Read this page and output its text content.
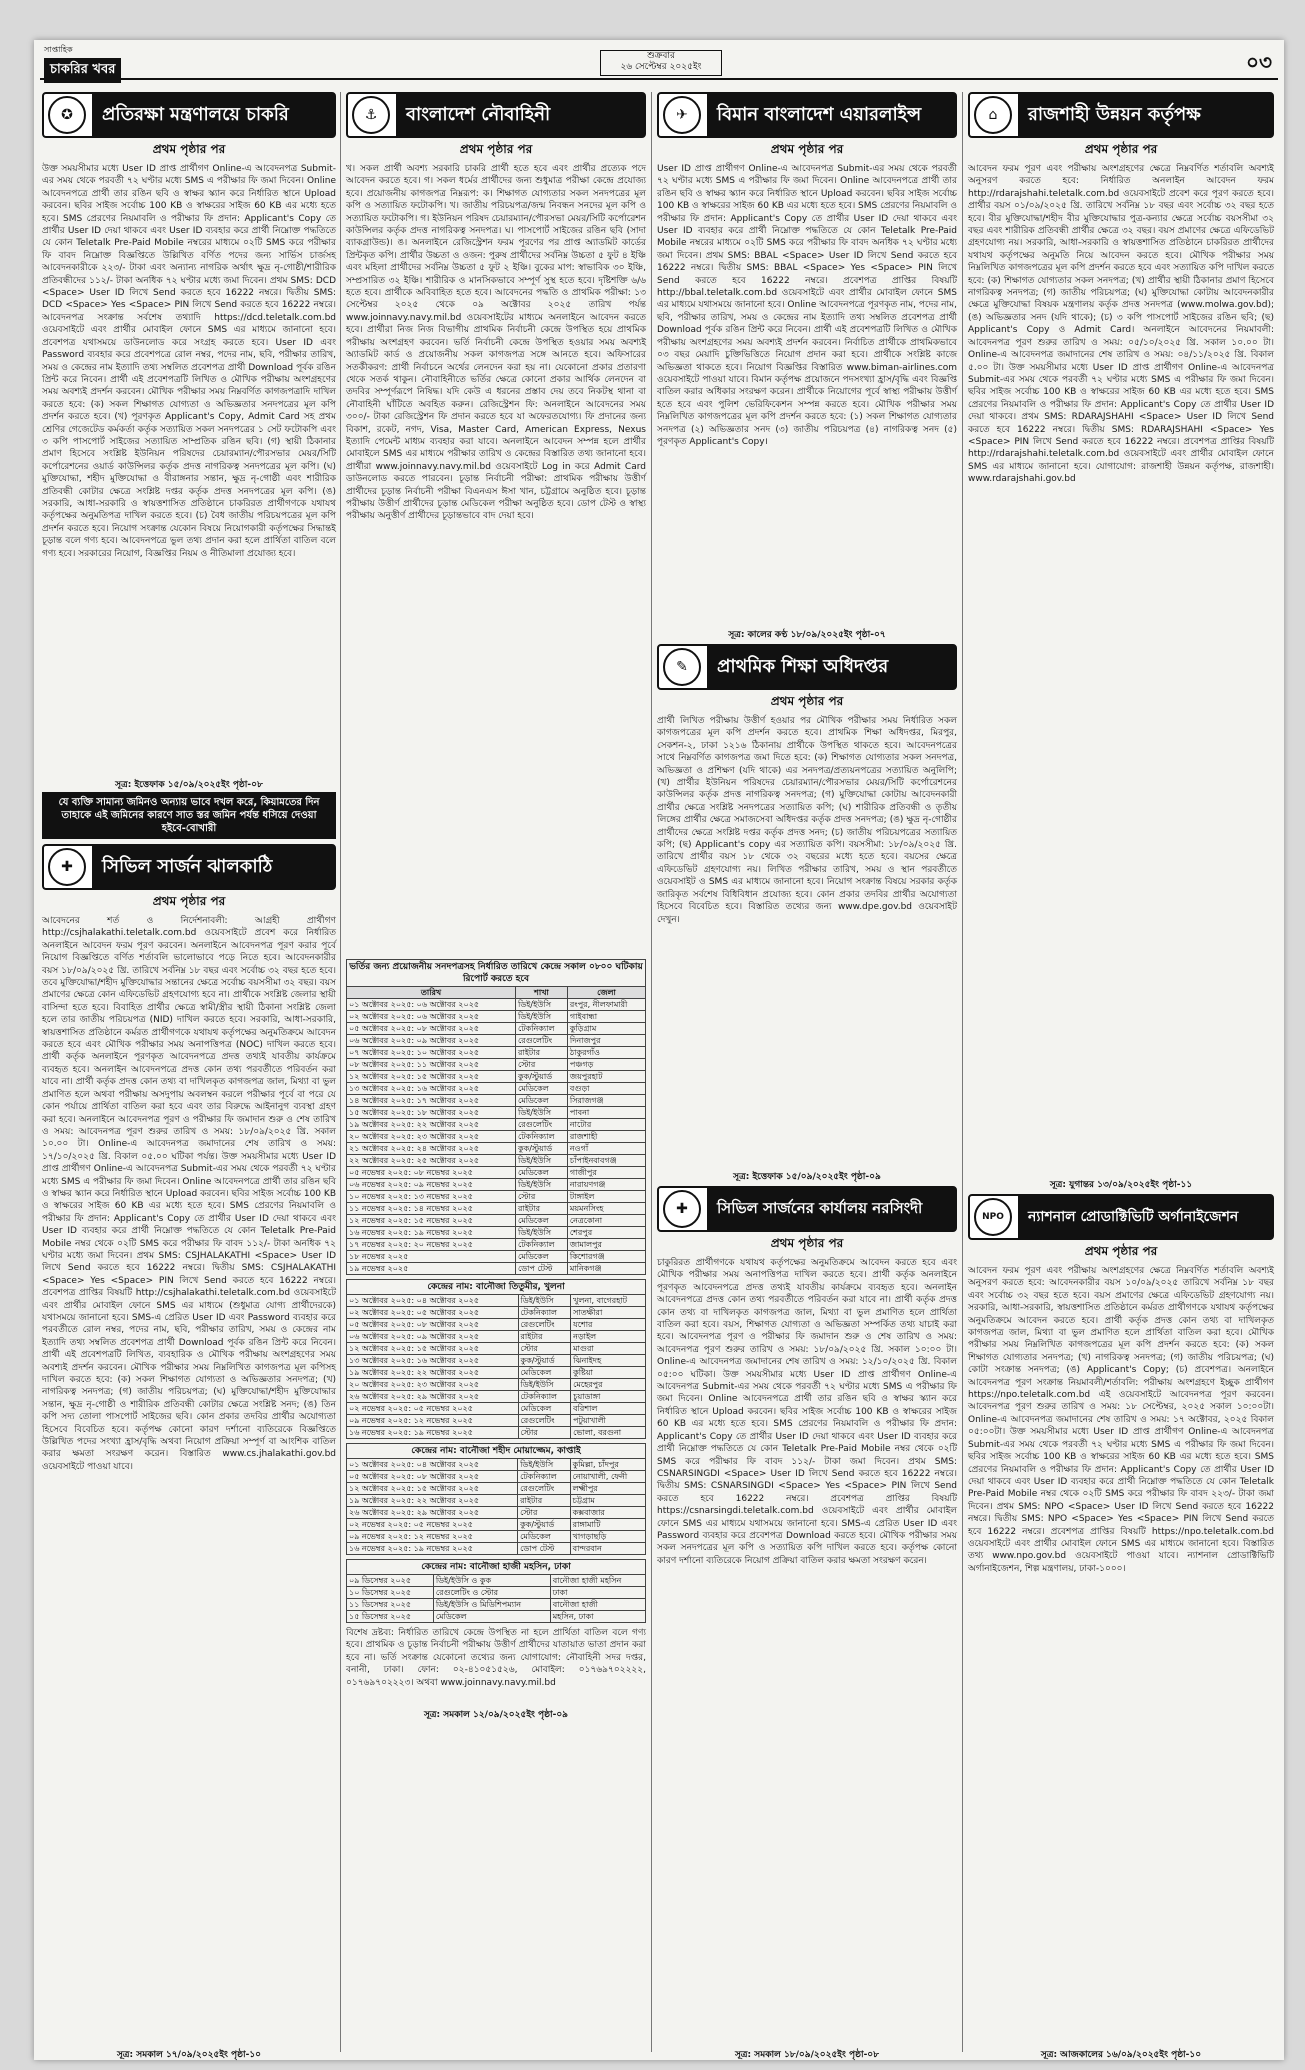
সাপ্তাহিক
চাকরির খবর
শুক্রবার
২৬ সেপ্টেম্বর ২০২৫ইং	০৩
✪	প্রতিরক্ষা মন্ত্রণালয়ে চাকরি
প্রথম পৃষ্ঠার পর
উক্ত সময়সীমার মধ্যে User ID প্রাপ্ত প্রার্থীগণ Online-এ আবেদনপত্র Submit-এর সময় থেকে পরবর্তী ৭২ ঘণ্টার মধ্যে SMS এ পরীক্ষার ফি জমা দিবেন। Online আবেদনপত্রে প্রার্থী তার রঙিন ছবি ও স্বাক্ষর স্ক্যান করে নির্ধারিত স্থানে Upload করবেন। ছবির সাইজ সর্বোচ্চ 100 KB ও স্বাক্ষরের সাইজ 60 KB এর মধ্যে হতে হবে। SMS প্রেরণের নিয়মাবলি ও পরীক্ষার ফি প্রদান: Applicant's Copy তে প্রার্থীর User ID দেয়া থাকবে এবং User ID ব্যবহার করে প্রার্থী নিম্নোক্ত পদ্ধতিতে যে কোন Teletalk Pre-Paid Mobile নম্বরের মাধ্যমে ০২টি SMS করে পরীক্ষার ফি বাবদ নিম্নোক্ত বিজ্ঞপ্তিতে উল্লিখিত বর্ণিত পদের জন্য সার্ভিস চার্জসহ আবেদনকারীকে ২২৩/- টাকা এবং অন্যান্য নাগরিক অর্থাৎ ক্ষুদ্র নৃ-গোষ্ঠী/শারীরিক প্রতিবন্ধীদের ১১২/- টাকা অনধিক ৭২ ঘণ্টার মধ্যে জমা দিবেন। প্রথম SMS: DCD <Space> User ID লিখে Send করতে হবে 16222 নম্বরে। দ্বিতীয় SMS: DCD <Space> Yes <Space> PIN লিখে Send করতে হবে 16222 নম্বরে। আবেদনপত্র সংক্রান্ত সর্বশেষ তথ্যাদি https://dcd.teletalk.com.bd ওয়েবসাইটে এবং প্রার্থীর মোবাইল ফোনে SMS এর মাধ্যমে জানানো হবে। প্রবেশপত্র যথাসময়ে ডাউনলোড করে সংগ্রহ করতে হবে। User ID এবং Password ব্যবহার করে প্রবেশপত্রে রোল নম্বর, পদের নাম, ছবি, পরীক্ষার তারিখ, সময় ও কেন্দ্রের নাম ইত্যাদি তথ্য সম্বলিত প্রবেশপত্র প্রার্থী Download পূর্বক রঙিন প্রিন্ট করে নিবেন। প্রার্থী এই প্রবেশপত্রটি লিখিত ও মৌখিক পরীক্ষায় অংশগ্রহণের সময় অবশ্যই প্রদর্শন করবেন। মৌখিক পরীক্ষার সময় নিম্নবর্ণিত কাগজপত্রাদি দাখিল করতে হবে: (ক) সকল শিক্ষাগত যোগ্যতা ও অভিজ্ঞতার সনদপত্রের মূল কপি প্রদর্শন করতে হবে। (খ) পূরণকৃত Applicant's Copy, Admit Card সহ প্রথম শ্রেণির গেজেটেড কর্মকর্তা কর্তৃক সত্যায়িত সকল সনদপত্রের ১ সেট ফটোকপি এবং ৩ কপি পাসপোর্ট সাইজের সত্যায়িত সাম্প্রতিক রঙিন ছবি। (গ) স্থায়ী ঠিকানার প্রমাণ হিসেবে সংশ্লিষ্ট ইউনিয়ন পরিষদের চেয়ারম্যান/পৌরসভার মেয়র/সিটি কর্পোরেশনের ওয়ার্ড কাউন্সিলর কর্তৃক প্রদত্ত নাগরিকত্ব সনদপত্রের মূল কপি। (ঘ) মুক্তিযোদ্ধা, শহীদ মুক্তিযোদ্ধা ও বীরাঙ্গনার সন্তান, ক্ষুদ্র নৃ-গোষ্ঠী এবং শারীরিক প্রতিবন্ধী কোটার ক্ষেত্রে সংশ্লিষ্ট দপ্তর কর্তৃক প্রদত্ত সনদপত্রের মূল কপি। (ঙ) সরকারি, আধা-সরকারি ও স্বায়ত্তশাসিত প্রতিষ্ঠানে চাকরিরত প্রার্থীগণকে যথাযথ কর্তৃপক্ষের অনুমতিপত্র দাখিল করতে হবে। (চ) বৈধ জাতীয় পরিচয়পত্রের মূল কপি প্রদর্শন করতে হবে। নিয়োগ সংক্রান্ত যেকোন বিষয়ে নিয়োগকারী কর্তৃপক্ষের সিদ্ধান্তই চূড়ান্ত বলে গণ্য হবে। আবেদনপত্রে ভুল তথ্য প্রদান করা হলে প্রার্থিতা বাতিল বলে গণ্য হবে। সরকারের নিয়োগ, বিজ্ঞপ্তির নিয়ম ও নীতিমালা প্রযোজ্য হবে।
সূত্র: ইত্তেফাক ১৫/০৯/২০২৫ইং পৃষ্ঠা-০৮
যে ব্যক্তি সামান্য জমিনও অন্যায় ভাবে দখল করে, কিয়ামতের দিন তাহাকে এই জমিনের কারণে সাত স্তর জমিন পর্যন্ত ধসিয়ে দেওয়া হইবে-বোখারী
✚	সিভিল সার্জন ঝালকাঠি
প্রথম পৃষ্ঠার পর
আবেদনের শর্ত ও নির্দেশনাবলী: আগ্রহী প্রার্থীগণ http://csjhalakathi.teletalk.com.bd ওয়েবসাইটে প্রবেশ করে নির্ধারিত অনলাইনে আবেদন ফরম পূরণ করবেন। অনলাইনে আবেদনপত্র পূরণ করার পূর্বে নিয়োগ বিজ্ঞপ্তিতে বর্ণিত শর্তাবলি ভালোভাবে পড়ে নিতে হবে। আবেদনকারীর বয়স ১৮/০৯/২০২৫ খ্রি. তারিখে সর্বনিম্ন ১৮ বছর এবং সর্বোচ্চ ৩২ বছর হতে হবে। তবে মুক্তিযোদ্ধা/শহীদ মুক্তিযোদ্ধার সন্তানের ক্ষেত্রে সর্বোচ্চ বয়সসীমা ৩২ বছর। বয়স প্রমাণের ক্ষেত্রে কোন এফিডেভিট গ্রহণযোগ্য হবে না। প্রার্থীকে সংশ্লিষ্ট জেলার স্থায়ী বাসিন্দা হতে হবে। বিবাহিত প্রার্থীর ক্ষেত্রে স্বামী/স্ত্রীর স্থায়ী ঠিকানা সংশ্লিষ্ট জেলা হলে তার জাতীয় পরিচয়পত্র (NID) দাখিল করতে হবে। সরকারি, আধা-সরকারি, স্বায়ত্তশাসিত প্রতিষ্ঠানে কর্মরত প্রার্থীগণকে যথাযথ কর্তৃপক্ষের অনুমতিক্রমে আবেদন করতে হবে এবং মৌখিক পরীক্ষার সময় অনাপত্তিপত্র (NOC) দাখিল করতে হবে। প্রার্থী কর্তৃক অনলাইনে পূরণকৃত আবেদনপত্রে প্রদত্ত তথ্যই যাবতীয় কার্যক্রমে ব্যবহৃত হবে। অনলাইন আবেদনপত্রে প্রদত্ত কোন তথ্য পরবর্তীতে পরিবর্তন করা যাবে না। প্রার্থী কর্তৃক প্রদত্ত কোন তথ্য বা দাখিলকৃত কাগজপত্র জাল, মিথ্যা বা ভুল প্রমাণিত হলে অথবা পরীক্ষায় অসদুপায় অবলম্বন করলে পরীক্ষার পূর্বে বা পরে যে কোন পর্যায়ে প্রার্থিতা বাতিল করা হবে এবং তার বিরুদ্ধে আইনানুগ ব্যবস্থা গ্রহণ করা হবে। অনলাইনে আবেদনপত্র পূরণ ও পরীক্ষার ফি জমাদান শুরু ও শেষ তারিখ ও সময়: আবেদনপত্র পূরণ শুরুর তারিখ ও সময়: ১৮/০৯/২০২৫ খ্রি. সকাল ১০.০০ টা। Online-এ আবেদনপত্র জমাদানের শেষ তারিখ ও সময়: ১৭/১০/২০২৫ খ্রি. বিকাল ০৫.০০ ঘটিকা পর্যন্ত। উক্ত সময়সীমার মধ্যে User ID প্রাপ্ত প্রার্থীগণ Online-এ আবেদনপত্র Submit-এর সময় থেকে পরবর্তী ৭২ ঘণ্টার মধ্যে SMS এ পরীক্ষার ফি জমা দিবেন। Online আবেদনপত্রে প্রার্থী তার রঙিন ছবি ও স্বাক্ষর স্ক্যান করে নির্ধারিত স্থানে Upload করবেন। ছবির সাইজ সর্বোচ্চ 100 KB ও স্বাক্ষরের সাইজ 60 KB এর মধ্যে হতে হবে। SMS প্রেরণের নিয়মাবলি ও পরীক্ষার ফি প্রদান: Applicant's Copy তে প্রার্থীর User ID দেয়া থাকবে এবং User ID ব্যবহার করে প্রার্থী নিম্নোক্ত পদ্ধতিতে যে কোন Teletalk Pre-Paid Mobile নম্বর থেকে ০২টি SMS করে পরীক্ষার ফি বাবদ ১১২/- টাকা অনধিক ৭২ ঘণ্টার মধ্যে জমা দিবেন। প্রথম SMS: CSJHALAKATHI <Space> User ID লিখে Send করতে হবে 16222 নম্বরে। দ্বিতীয় SMS: CSJHALAKATHI <Space> Yes <Space> PIN লিখে Send করতে হবে 16222 নম্বরে। প্রবেশপত্র প্রাপ্তির বিষয়টি http://csjhalakathi.teletalk.com.bd ওয়েবসাইটে এবং প্রার্থীর মোবাইল ফোনে SMS এর মাধ্যমে (শুধুমাত্র যোগ্য প্রার্থীদেরকে) যথাসময়ে জানানো হবে। SMS-এ প্রেরিত User ID এবং Password ব্যবহার করে পরবর্তীতে রোল নম্বর, পদের নাম, ছবি, পরীক্ষার তারিখ, সময় ও কেন্দ্রের নাম ইত্যাদি তথ্য সম্বলিত প্রবেশপত্র প্রার্থী Download পূর্বক রঙিন প্রিন্ট করে নিবেন। প্রার্থী এই প্রবেশপত্রটি লিখিত, ব্যবহারিক ও মৌখিক পরীক্ষায় অংশগ্রহণের সময় অবশ্যই প্রদর্শন করবেন। মৌখিক পরীক্ষার সময় নিম্নলিখিত কাগজপত্র মূল কপিসহ দাখিল করতে হবে: (ক) সকল শিক্ষাগত যোগ্যতা ও অভিজ্ঞতার সনদপত্র; (খ) নাগরিকত্ব সনদপত্র; (গ) জাতীয় পরিচয়পত্র; (ঘ) মুক্তিযোদ্ধা/শহীদ মুক্তিযোদ্ধার সন্তান, ক্ষুদ্র নৃ-গোষ্ঠী ও শারীরিক প্রতিবন্ধী কোটার ক্ষেত্রে সংশ্লিষ্ট সনদ; (ঙ) তিন কপি সদ্য তোলা পাসপোর্ট সাইজের ছবি। কোন প্রকার তদবির প্রার্থীর অযোগ্যতা হিসেবে বিবেচিত হবে। কর্তৃপক্ষ কোনো কারণ দর্শানো ব্যতিরেকে বিজ্ঞপ্তিতে উল্লিখিত পদের সংখ্যা হ্রাস/বৃদ্ধি অথবা নিয়োগ প্রক্রিয়া সম্পূর্ণ বা আংশিক বাতিল করার ক্ষমতা সংরক্ষণ করেন। বিস্তারিত www.cs.jhalakathi.gov.bd ওয়েবসাইটে পাওয়া যাবে।
সূত্র: সমকাল ১৭/০৯/২০২৫ইং পৃষ্ঠা-১০
⚓	বাংলাদেশ নৌবাহিনী
প্রথম পৃষ্ঠার পর
খ। সকল প্রার্থী অবশ্য সরকারি চাকরি প্রার্থী হতে হবে এবং প্রার্থীর প্রত্যেক পদে আবেদন করতে হবে। গ। সকল ধর্মের প্রার্থীদের জন্য শুধুমাত্র পরীক্ষা কেন্দ্রে প্রযোজ্য হবে। প্রয়োজনীয় কাগজপত্র নিম্নরূপ: ক। শিক্ষাগত যোগ্যতার সকল সনদপত্রের মূল কপি ও সত্যায়িত ফটোকপি। খ। জাতীয় পরিচয়পত্র/জন্ম নিবন্ধন সনদের মূল কপি ও সত্যায়িত ফটোকপি। গ। ইউনিয়ন পরিষদ চেয়ারম্যান/পৌরসভা মেয়র/সিটি কর্পোরেশন কাউন্সিলর কর্তৃক প্রদত্ত নাগরিকত্ব সনদপত্র। ঘ। পাসপোর্ট সাইজের রঙিন ছবি (সাদা ব্যাকগ্রাউন্ড)। ঙ। অনলাইনে রেজিস্ট্রেশন ফরম পূরণের পর প্রাপ্ত অ্যাডমিট কার্ডের প্রিন্টকৃত কপি। প্রার্থীর উচ্চতা ও ওজন: পুরুষ প্রার্থীদের সর্বনিম্ন উচ্চতা ৫ ফুট ৪ ইঞ্চি এবং মহিলা প্রার্থীদের সর্বনিম্ন উচ্চতা ৫ ফুট ২ ইঞ্চি। বুকের মাপ: স্বাভাবিক ৩০ ইঞ্চি, সম্প্রসারিত ৩২ ইঞ্চি। শারীরিক ও মানসিকভাবে সম্পূর্ণ সুস্থ হতে হবে। দৃষ্টিশক্তি ৬/৬ হতে হবে। প্রার্থীকে অবিবাহিত হতে হবে। আবেদনের পদ্ধতি ও প্রাথমিক পরীক্ষা: ১৩ সেপ্টেম্বর ২০২৫ থেকে ০৯ অক্টোবর ২০২৫ তারিখ পর্যন্ত www.joinnavy.navy.mil.bd ওয়েবসাইটের মাধ্যমে অনলাইনে আবেদন করতে হবে। প্রার্থীরা নিজ নিজ বিভাগীয় প্রাথমিক নির্বাচনী কেন্দ্রে উপস্থিত হয়ে প্রাথমিক পরীক্ষায় অংশগ্রহণ করবেন। ভর্তি নির্বাচনী কেন্দ্রে উপস্থিত হওয়ার সময় অবশ্যই অ্যাডমিট কার্ড ও প্রয়োজনীয় সকল কাগজপত্র সঙ্গে আনতে হবে। অফিসারের সতর্কীকরণ: প্রার্থী নির্বাচনে অর্থের লেনদেন করা হয় না। যেকোনো প্রকার প্রতারণা থেকে সতর্ক থাকুন। নৌবাহিনীতে ভর্তির ক্ষেত্রে কোনো প্রকার আর্থিক লেনদেন বা তদবির সম্পূর্ণরূপে নিষিদ্ধ। যদি কেউ এ ধরনের প্রস্তাব দেয় তবে নিকটস্থ থানা বা নৌবাহিনী ঘাঁটিতে অবহিত করুন। রেজিস্ট্রেশন ফি: অনলাইনে আবেদনের সময় ৩০০/- টাকা রেজিস্ট্রেশন ফি প্রদান করতে হবে যা অফেরতযোগ্য। ফি প্রদানের জন্য বিকাশ, রকেট, নগদ, Visa, Master Card, American Express, Nexus ইত্যাদি পেমেন্ট মাধ্যম ব্যবহার করা যাবে। অনলাইনে আবেদন সম্পন্ন হলে প্রার্থীর মোবাইলে SMS এর মাধ্যমে পরীক্ষার তারিখ ও কেন্দ্রের বিস্তারিত তথ্য জানানো হবে। প্রার্থীরা www.joinnavy.navy.mil.bd ওয়েবসাইটে Log in করে Admit Card ডাউনলোড করতে পারবেন। চূড়ান্ত নির্বাচনী পরীক্ষা: প্রাথমিক পরীক্ষায় উত্তীর্ণ প্রার্থীদের চূড়ান্ত নির্বাচনী পরীক্ষা বিএনএস ঈসা খান, চট্টগ্রামে অনুষ্ঠিত হবে। চূড়ান্ত পরীক্ষায় উত্তীর্ণ প্রার্থীদের চূড়ান্ত মেডিকেল পরীক্ষা অনুষ্ঠিত হবে। ডোপ টেস্ট ও স্বাস্থ্য পরীক্ষায় অনুত্তীর্ণ প্রার্থীদের চূড়ান্তভাবে বাদ দেয়া হবে।
ভর্তির জন্য প্রয়োজনীয় সনদপত্রসহ নির্ধারিত তারিখে কেন্দ্রে সকাল ০৮০০ ঘটিকায় রিপোর্ট করতে হবে
তারিখ	শাখা	জেলা
০১ অক্টোবর ২০২৫: ০৬ অক্টোবর ২০২৫	ডিই/ইউসি	রংপুর, নীলফামারী
০২ অক্টোবর ২০২৫: ০৬ অক্টোবর ২০২৫	ডিই/ইউসি	গাইবান্ধা
০৫ অক্টোবর ২০২৫: ০৮ অক্টোবর ২০২৫	টেকনিক্যাল	কুড়িগ্রাম
০৬ অক্টোবর ২০২৫: ০৯ অক্টোবর ২০২৫	রেগুলেটিং	দিনাজপুর
০৭ অক্টোবর ২০২৫: ১০ অক্টোবর ২০২৫	রাইটার	ঠাকুরগাঁও
০৮ অক্টোবর ২০২৫: ১১ অক্টোবর ২০২৫	স্টোর	পঞ্চগড়
১২ অক্টোবর ২০২৫: ১৫ অক্টোবর ২০২৫	কুক/স্টুয়ার্ড	জয়পুরহাট
১৩ অক্টোবর ২০২৫: ১৬ অক্টোবর ২০২৫	মেডিকেল	বগুড়া
১৪ অক্টোবর ২০২৫: ১৭ অক্টোবর ২০২৫	মেডিকেল	সিরাজগঞ্জ
১৫ অক্টোবর ২০২৫: ১৮ অক্টোবর ২০২৫	ডিই/ইউসি	পাবনা
১৯ অক্টোবর ২০২৫: ২২ অক্টোবর ২০২৫	রেগুলেটিং	নাটোর
২০ অক্টোবর ২০২৫: ২৩ অক্টোবর ২০২৫	টেকনিক্যাল	রাজশাহী
২১ অক্টোবর ২০২৫: ২৪ অক্টোবর ২০২৫	কুক/স্টুয়ার্ড	নওগাঁ
২২ অক্টোবর ২০২৫: ২৫ অক্টোবর ২০২৫	ডিই/ইউসি	চাঁপাইনবাবগঞ্জ
০৫ নভেম্বর ২০২৫: ০৮ নভেম্বর ২০২৫	মেডিকেল	গাজীপুর
০৬ নভেম্বর ২০২৫: ০৯ নভেম্বর ২০২৫	ডিই/ইউসি	নারায়ণগঞ্জ
১০ নভেম্বর ২০২৫: ১৩ নভেম্বর ২০২৫	স্টোর	টাঙ্গাইল
১১ নভেম্বর ২০২৫: ১৪ নভেম্বর ২০২৫	রাইটার	ময়মনসিংহ
১২ নভেম্বর ২০২৫: ১৫ নভেম্বর ২০২৫	মেডিকেল	নেত্রকোনা
১৬ নভেম্বর ২০২৫: ১৯ নভেম্বর ২০২৫	ডিই/ইউসি	শেরপুর
১৭ নভেম্বর ২০২৫: ২০ নভেম্বর ২০২৫	টেকনিক্যাল	জামালপুর
১৮ নভেম্বর ২০২৫	মেডিকেল	কিশোরগঞ্জ
১৯ নভেম্বর ২০২৫	ডোপ টেস্ট	মানিকগঞ্জ
কেন্দ্রের নাম: বানৌজা তিতুমীর, খুলনা
০১ অক্টোবর ২০২৫: ০৪ অক্টোবর ২০২৫	ডিই/ইউসি	খুলনা, বাগেরহাট
০২ অক্টোবর ২০২৫: ০৫ অক্টোবর ২০২৫	টেকনিক্যাল	সাতক্ষীরা
০৫ অক্টোবর ২০২৫: ০৮ অক্টোবর ২০২৫	রেগুলেটিং	যশোর
০৬ অক্টোবর ২০২৫: ০৯ অক্টোবর ২০২৫	রাইটার	নড়াইল
১২ অক্টোবর ২০২৫: ১৫ অক্টোবর ২০২৫	স্টোর	মাগুরা
১৩ অক্টোবর ২০২৫: ১৬ অক্টোবর ২০২৫	কুক/স্টুয়ার্ড	ঝিনাইদহ
১৯ অক্টোবর ২০২৫: ২২ অক্টোবর ২০২৫	মেডিকেল	কুষ্টিয়া
২০ অক্টোবর ২০২৫: ২৩ অক্টোবর ২০২৫	ডিই/ইউসি	মেহেরপুর
২৬ অক্টোবর ২০২৫: ২৯ অক্টোবর ২০২৫	টেকনিক্যাল	চুয়াডাঙ্গা
০২ নভেম্বর ২০২৫: ০৫ নভেম্বর ২০২৫	মেডিকেল	বরিশাল
০৯ নভেম্বর ২০২৫: ১২ নভেম্বর ২০২৫	রেগুলেটিং	পটুয়াখালী
১৬ নভেম্বর ২০২৫: ১৯ নভেম্বর ২০২৫	স্টোর	ভোলা, বরগুনা
কেন্দ্রের নাম: বানৌজা শহীদ মোয়াজ্জেম, কাপ্তাই
০১ অক্টোবর ২০২৫: ০৪ অক্টোবর ২০২৫	ডিই/ইউসি	কুমিল্লা, চাঁদপুর
০৫ অক্টোবর ২০২৫: ০৮ অক্টোবর ২০২৫	টেকনিক্যাল	নোয়াখালী, ফেনী
১২ অক্টোবর ২০২৫: ১৫ অক্টোবর ২০২৫	রেগুলেটিং	লক্ষ্মীপুর
১৯ অক্টোবর ২০২৫: ২২ অক্টোবর ২০২৫	রাইটার	চট্টগ্রাম
২৬ অক্টোবর ২০২৫: ২৯ অক্টোবর ২০২৫	স্টোর	কক্সবাজার
০২ নভেম্বর ২০২৫: ০৫ নভেম্বর ২০২৫	কুক/স্টুয়ার্ড	রাঙ্গামাটি
০৯ নভেম্বর ২০২৫: ১২ নভেম্বর ২০২৫	মেডিকেল	খাগড়াছড়ি
১৬ নভেম্বর ২০২৫: ১৯ নভেম্বর ২০২৫	ডোপ টেস্ট	বান্দরবান
কেন্দ্রের নাম: বানৌজা হাজী মহসিন, ঢাকা
০৯ ডিসেম্বর ২০২৫	ডিই/ইউসি ও কুক	বানৌজা হাজী মহসিন
১০ ডিসেম্বর ২০২৫	রেগুলেটিং ও স্টোর	ঢাকা
১১ ডিসেম্বর ২০২৫	ডিই/ইউসি ও মিডিশিপম্যান	বানৌজা হাজী
১৫ ডিসেম্বর ২০২৫	মেডিকেল	মহসিন, ঢাকা
বিশেষ দ্রষ্টব্য: নির্ধারিত তারিখে কেন্দ্রে উপস্থিত না হলে প্রার্থিতা বাতিল বলে গণ্য হবে। প্রাথমিক ও চূড়ান্ত নির্বাচনী পরীক্ষায় উত্তীর্ণ প্রার্থীদের যাতায়াত ভাতা প্রদান করা হবে না। ভর্তি সংক্রান্ত যেকোনো তথ্যের জন্য যোগাযোগ: নৌবাহিনী সদর দপ্তর, বনানী, ঢাকা। ফোন: ০২-৪১০৫১৫২৬, মোবাইল: ০১৭৬৯৭০২২২২, ০১৭৬৯৭০২২২৩। অথবা www.joinnavy.navy.mil.bd
সূত্র: সমকাল ১২/০৯/২০২৫ইং পৃষ্ঠা-০৯
✈	বিমান বাংলাদেশ এয়ারলাইন্স
প্রথম পৃষ্ঠার পর
User ID প্রাপ্ত প্রার্থীগণ Online-এ আবেদনপত্র Submit-এর সময় থেকে পরবর্তী ৭২ ঘণ্টার মধ্যে SMS এ পরীক্ষার ফি জমা দিবেন। Online আবেদনপত্রে প্রার্থী তার রঙিন ছবি ও স্বাক্ষর স্ক্যান করে নির্ধারিত স্থানে Upload করবেন। ছবির সাইজ সর্বোচ্চ 100 KB ও স্বাক্ষরের সাইজ 60 KB এর মধ্যে হতে হবে। SMS প্রেরণের নিয়মাবলি ও পরীক্ষার ফি প্রদান: Applicant's Copy তে প্রার্থীর User ID দেয়া থাকবে এবং User ID ব্যবহার করে প্রার্থী নিম্নোক্ত পদ্ধতিতে যে কোন Teletalk Pre-Paid Mobile নম্বরের মাধ্যমে ০২টি SMS করে পরীক্ষার ফি বাবদ অনধিক ৭২ ঘণ্টার মধ্যে জমা দিবেন। প্রথম SMS: BBAL <Space> User ID লিখে Send করতে হবে 16222 নম্বরে। দ্বিতীয় SMS: BBAL <Space> Yes <Space> PIN লিখে Send করতে হবে 16222 নম্বরে। প্রবেশপত্র প্রাপ্তির বিষয়টি http://bbal.teletalk.com.bd ওয়েবসাইটে এবং প্রার্থীর মোবাইল ফোনে SMS এর মাধ্যমে যথাসময়ে জানানো হবে। Online আবেদনপত্রে পূরণকৃত নাম, পদের নাম, ছবি, পরীক্ষার তারিখ, সময় ও কেন্দ্রের নাম ইত্যাদি তথ্য সম্বলিত প্রবেশপত্র প্রার্থী Download পূর্বক রঙিন প্রিন্ট করে নিবেন। প্রার্থী এই প্রবেশপত্রটি লিখিত ও মৌখিক পরীক্ষায় অংশগ্রহণের সময় অবশ্যই প্রদর্শন করবেন। নির্বাচিত প্রার্থীকে প্রাথমিকভাবে ০৩ বছর মেয়াদি চুক্তিভিত্তিতে নিয়োগ প্রদান করা হবে। প্রার্থীকে সংশ্লিষ্ট কাজে অভিজ্ঞতা থাকতে হবে। নিয়োগ বিজ্ঞপ্তির বিস্তারিত www.biman-airlines.com ওয়েবসাইটে পাওয়া যাবে। বিমান কর্তৃপক্ষ প্রয়োজনে পদসংখ্যা হ্রাস/বৃদ্ধি এবং বিজ্ঞপ্তি বাতিল করার অধিকার সংরক্ষণ করেন। প্রার্থীকে নিয়োগের পূর্বে স্বাস্থ্য পরীক্ষায় উত্তীর্ণ হতে হবে এবং পুলিশ ভেরিফিকেশন সম্পন্ন করতে হবে। মৌখিক পরীক্ষার সময় নিম্নলিখিত কাগজপত্রের মূল কপি প্রদর্শন করতে হবে: (১) সকল শিক্ষাগত যোগ্যতার সনদপত্র (২) অভিজ্ঞতার সনদ (৩) জাতীয় পরিচয়পত্র (৪) নাগরিকত্ব সনদ (৫) পূরণকৃত Applicant's Copy।
সূত্র: কালের কণ্ঠ ১৮/০৯/২০২৫ইং পৃষ্ঠা-০৭
✎	প্রাথমিক শিক্ষা অধিদপ্তর
প্রথম পৃষ্ঠার পর
প্রার্থী লিখিত পরীক্ষায় উত্তীর্ণ হওয়ার পর মৌখিক পরীক্ষার সময় নির্ধারিত সকল কাগজপত্রের মূল কপি প্রদর্শন করতে হবে। প্রাথমিক শিক্ষা অধিদপ্তর, মিরপুর, সেকশন-২, ঢাকা ১২১৬ ঠিকানায় প্রার্থীকে উপস্থিত থাকতে হবে। আবেদনপত্রের সাথে নিম্নবর্ণিত কাগজপত্র জমা দিতে হবে: (ক) শিক্ষাগত যোগ্যতার সকল সনদপত্র, অভিজ্ঞতা ও প্রশিক্ষণ (যদি থাকে) এর সনদপত্র/প্রত্যয়নপত্রের সত্যায়িত অনুলিপি; (খ) প্রার্থীর ইউনিয়ন পরিষদের চেয়ারম্যান/পৌরসভার মেয়র/সিটি কর্পোরেশনের কাউন্সিলর কর্তৃক প্রদত্ত নাগরিকত্ব সনদপত্র; (গ) মুক্তিযোদ্ধা কোটায় আবেদনকারী প্রার্থীর ক্ষেত্রে সংশ্লিষ্ট সনদপত্রের সত্যায়িত কপি; (ঘ) শারীরিক প্রতিবন্ধী ও তৃতীয় লিঙ্গের প্রার্থীর ক্ষেত্রে সমাজসেবা অধিদপ্তর কর্তৃক প্রদত্ত সনদপত্র; (ঙ) ক্ষুদ্র নৃ-গোষ্ঠীর প্রার্থীদের ক্ষেত্রে সংশ্লিষ্ট দপ্তর কর্তৃক প্রদত্ত সনদ; (চ) জাতীয় পরিচয়পত্রের সত্যায়িত কপি; (ছ) Applicant's copy এর সত্যায়িত কপি। বয়সসীমা: ১৮/০৯/২০২৫ খ্রি. তারিখে প্রার্থীর বয়স ১৮ থেকে ৩২ বছরের মধ্যে হতে হবে। বয়সের ক্ষেত্রে এফিডেভিট গ্রহণযোগ্য নয়। লিখিত পরীক্ষার তারিখ, সময় ও স্থান পরবর্তীতে ওয়েবসাইট ও SMS এর মাধ্যমে জানানো হবে। নিয়োগ সংক্রান্ত বিষয়ে সরকার কর্তৃক জারিকৃত সর্বশেষ বিধিবিধান প্রযোজ্য হবে। কোন প্রকার তদবির প্রার্থীর অযোগ্যতা হিসেবে বিবেচিত হবে। বিস্তারিত তথ্যের জন্য www.dpe.gov.bd ওয়েবসাইট দেখুন।
সূত্র: ইত্তেফাক ১৫/০৯/২০২৫ইং পৃষ্ঠা-০৯
✚	সিভিল সার্জনের কার্যালয় নরসিংদী
প্রথম পৃষ্ঠার পর
চাকুরিরত প্রার্থীগণকে যথাযথ কর্তৃপক্ষের অনুমতিক্রমে আবেদন করতে হবে এবং মৌখিক পরীক্ষার সময় অনাপত্তিপত্র দাখিল করতে হবে। প্রার্থী কর্তৃক অনলাইনে পূরণকৃত আবেদনপত্রে প্রদত্ত তথ্যই যাবতীয় কার্যক্রমে ব্যবহৃত হবে। অনলাইন আবেদনপত্রে প্রদত্ত কোন তথ্য পরবর্তীতে পরিবর্তন করা যাবে না। প্রার্থী কর্তৃক প্রদত্ত কোন তথ্য বা দাখিলকৃত কাগজপত্র জাল, মিথ্যা বা ভুল প্রমাণিত হলে প্রার্থিতা বাতিল করা হবে। বয়স, শিক্ষাগত যোগ্যতা ও অভিজ্ঞতা সম্পর্কিত তথ্য যাচাই করা হবে। আবেদনপত্র পূরণ ও পরীক্ষার ফি জমাদান শুরু ও শেষ তারিখ ও সময়: আবেদনপত্র পূরণ শুরুর তারিখ ও সময়: ১৮/০৯/২০২৫ খ্রি. সকাল ১০:০০ টা। Online-এ আবেদনপত্র জমাদানের শেষ তারিখ ও সময়: ১২/১০/২০২৫ খ্রি. বিকাল ০৫:০০ ঘটিকা। উক্ত সময়সীমার মধ্যে User ID প্রাপ্ত প্রার্থীগণ Online-এ আবেদনপত্র Submit-এর সময় থেকে পরবর্তী ৭২ ঘণ্টার মধ্যে SMS এ পরীক্ষার ফি জমা দিবেন। Online আবেদনপত্রে প্রার্থী তার রঙিন ছবি ও স্বাক্ষর স্ক্যান করে নির্ধারিত স্থানে Upload করবেন। ছবির সাইজ সর্বোচ্চ 100 KB ও স্বাক্ষরের সাইজ 60 KB এর মধ্যে হতে হবে। SMS প্রেরণের নিয়মাবলি ও পরীক্ষার ফি প্রদান: Applicant's Copy তে প্রার্থীর User ID দেয়া থাকবে এবং User ID ব্যবহার করে প্রার্থী নিম্নোক্ত পদ্ধতিতে যে কোন Teletalk Pre-Paid Mobile নম্বর থেকে ০২টি SMS করে পরীক্ষার ফি বাবদ ১১২/- টাকা জমা দিবেন। প্রথম SMS: CSNARSINGDI <Space> User ID লিখে Send করতে হবে 16222 নম্বরে। দ্বিতীয় SMS: CSNARSINGDI <Space> Yes <Space> PIN লিখে Send করতে হবে 16222 নম্বরে। প্রবেশপত্র প্রাপ্তির বিষয়টি https://csnarsingdi.teletalk.com.bd ওয়েবসাইটে এবং প্রার্থীর মোবাইল ফোনে SMS এর মাধ্যমে যথাসময়ে জানানো হবে। SMS-এ প্রেরিত User ID এবং Password ব্যবহার করে প্রবেশপত্র Download করতে হবে। মৌখিক পরীক্ষার সময় সকল সনদপত্রের মূল কপি ও সত্যায়িত কপি দাখিল করতে হবে। কর্তৃপক্ষ কোনো কারণ দর্শানো ব্যতিরেকে নিয়োগ প্রক্রিয়া বাতিল করার ক্ষমতা সংরক্ষণ করেন।
সূত্র: সমকাল ১৮/০৯/২০২৫ইং পৃষ্ঠা-০৮
⌂	রাজশাহী উন্নয়ন কর্তৃপক্ষ
প্রথম পৃষ্ঠার পর
আবেদন ফরম পূরণ এবং পরীক্ষায় অংশগ্রহণের ক্ষেত্রে নিম্নবর্ণিত শর্তাবলি অবশ্যই অনুসরণ করতে হবে: নির্ধারিত অনলাইন আবেদন ফরম http://rdarajshahi.teletalk.com.bd ওয়েবসাইটে প্রবেশ করে পূরণ করতে হবে। প্রার্থীর বয়স ০১/০৯/২০২৫ খ্রি. তারিখে সর্বনিম্ন ১৮ বছর এবং সর্বোচ্চ ৩২ বছর হতে হবে। বীর মুক্তিযোদ্ধা/শহীদ বীর মুক্তিযোদ্ধার পুত্র-কন্যার ক্ষেত্রে সর্বোচ্চ বয়সসীমা ৩২ বছর এবং শারীরিক প্রতিবন্ধী প্রার্থীর ক্ষেত্রে ৩২ বছর। বয়স প্রমাণের ক্ষেত্রে এফিডেভিট গ্রহণযোগ্য নয়। সরকারি, আধা-সরকারি ও স্বায়ত্তশাসিত প্রতিষ্ঠানে চাকরিরত প্রার্থীদের যথাযথ কর্তৃপক্ষের অনুমতি নিয়ে আবেদন করতে হবে। মৌখিক পরীক্ষার সময় নিম্নলিখিত কাগজপত্রের মূল কপি প্রদর্শন করতে হবে এবং সত্যায়িত কপি দাখিল করতে হবে: (ক) শিক্ষাগত যোগ্যতার সকল সনদপত্র; (খ) প্রার্থীর স্থায়ী ঠিকানার প্রমাণ হিসেবে নাগরিকত্ব সনদপত্র; (গ) জাতীয় পরিচয়পত্র; (ঘ) মুক্তিযোদ্ধা কোটায় আবেদনকারীর ক্ষেত্রে মুক্তিযোদ্ধা বিষয়ক মন্ত্রণালয় কর্তৃক প্রদত্ত সনদপত্র (www.molwa.gov.bd); (ঙ) অভিজ্ঞতার সনদ (যদি থাকে); (চ) ৩ কপি পাসপোর্ট সাইজের রঙিন ছবি; (ছ) Applicant's Copy ও Admit Card। অনলাইনে আবেদনের নিয়মাবলী: আবেদনপত্র পূরণ শুরুর তারিখ ও সময়: ০৫/১০/২০২৫ খ্রি. সকাল ১০.০০ টা। Online-এ আবেদনপত্র জমাদানের শেষ তারিখ ও সময়: ০৪/১১/২০২৫ খ্রি. বিকাল ৫.০০ টা। উক্ত সময়সীমার মধ্যে User ID প্রাপ্ত প্রার্থীগণ Online-এ আবেদনপত্র Submit-এর সময় থেকে পরবর্তী ৭২ ঘণ্টার মধ্যে SMS এ পরীক্ষার ফি জমা দিবেন। ছবির সাইজ সর্বোচ্চ 100 KB ও স্বাক্ষরের সাইজ 60 KB এর মধ্যে হতে হবে। SMS প্রেরণের নিয়মাবলি ও পরীক্ষার ফি প্রদান: Applicant's Copy তে প্রার্থীর User ID দেয়া থাকবে। প্রথম SMS: RDARAJSHAHI <Space> User ID লিখে Send করতে হবে 16222 নম্বরে। দ্বিতীয় SMS: RDARAJSHAHI <Space> Yes <Space> PIN লিখে Send করতে হবে 16222 নম্বরে। প্রবেশপত্র প্রাপ্তির বিষয়টি http://rdarajshahi.teletalk.com.bd ওয়েবসাইটে এবং প্রার্থীর মোবাইল ফোনে SMS এর মাধ্যমে জানানো হবে। যোগাযোগ: রাজশাহী উন্নয়ন কর্তৃপক্ষ, রাজশাহী। www.rdarajshahi.gov.bd
সূত্র: যুগান্তর ১৩/০৯/২০২৫ইং পৃষ্ঠা-১১
NPO	ন্যাশনাল প্রোডাক্টিভিটি অর্গানাইজেশন
প্রথম পৃষ্ঠার পর
আবেদন ফরম পূরণ এবং পরীক্ষায় অংশগ্রহণের ক্ষেত্রে নিম্নবর্ণিত শর্তাবলি অবশ্যই অনুসরণ করতে হবে: আবেদনকারীর বয়স ১০/০৯/২০২৫ তারিখে সর্বনিম্ন ১৮ বছর এবং সর্বোচ্চ ৩২ বছর হতে হবে। বয়স প্রমাণের ক্ষেত্রে এফিডেভিট গ্রহণযোগ্য নয়। সরকারি, আধা-সরকারি, স্বায়ত্তশাসিত প্রতিষ্ঠানে কর্মরত প্রার্থীগণকে যথাযথ কর্তৃপক্ষের অনুমতিক্রমে আবেদন করতে হবে। প্রার্থী কর্তৃক প্রদত্ত কোন তথ্য বা দাখিলকৃত কাগজপত্র জাল, মিথ্যা বা ভুল প্রমাণিত হলে প্রার্থিতা বাতিল করা হবে। মৌখিক পরীক্ষার সময় নিম্নলিখিত কাগজপত্রের মূল কপি প্রদর্শন করতে হবে: (ক) সকল শিক্ষাগত যোগ্যতার সনদপত্র; (খ) নাগরিকত্ব সনদপত্র; (গ) জাতীয় পরিচয়পত্র; (ঘ) কোটা সংক্রান্ত সনদপত্র; (ঙ) Applicant's Copy; (চ) প্রবেশপত্র। অনলাইনে আবেদনপত্র পূরণ সংক্রান্ত নিয়মাবলী/শর্তাবলি: পরীক্ষায় অংশগ্রহণে ইচ্ছুক প্রার্থীগণ https://npo.teletalk.com.bd এই ওয়েবসাইটে আবেদনপত্র পূরণ করবেন। আবেদনপত্র পূরণ শুরুর তারিখ ও সময়: ১৮ সেপ্টেম্বর, ২০২৫ সকাল ১০:০০টা। Online-এ আবেদনপত্র জমাদানের শেষ তারিখ ও সময়: ১৭ অক্টোবর, ২০২৫ বিকাল ০৫:০০টা। উক্ত সময়সীমার মধ্যে User ID প্রাপ্ত প্রার্থীগণ Online-এ আবেদনপত্র Submit-এর সময় থেকে পরবর্তী ৭২ ঘণ্টার মধ্যে SMS এ পরীক্ষার ফি জমা দিবেন। ছবির সাইজ সর্বোচ্চ 100 KB ও স্বাক্ষরের সাইজ 60 KB এর মধ্যে হতে হবে। SMS প্রেরণের নিয়মাবলি ও পরীক্ষার ফি প্রদান: Applicant's Copy তে প্রার্থীর User ID দেয়া থাকবে এবং User ID ব্যবহার করে প্রার্থী নিম্নোক্ত পদ্ধতিতে যে কোন Teletalk Pre-Paid Mobile নম্বর থেকে ০২টি SMS করে পরীক্ষার ফি বাবদ ২২৩/- টাকা জমা দিবেন। প্রথম SMS: NPO <Space> User ID লিখে Send করতে হবে 16222 নম্বরে। দ্বিতীয় SMS: NPO <Space> Yes <Space> PIN লিখে Send করতে হবে 16222 নম্বরে। প্রবেশপত্র প্রাপ্তির বিষয়টি https://npo.teletalk.com.bd ওয়েবসাইটে এবং প্রার্থীর মোবাইল ফোনে SMS এর মাধ্যমে জানানো হবে। বিস্তারিত তথ্য www.npo.gov.bd ওয়েবসাইটে পাওয়া যাবে। ন্যাশনাল প্রোডাক্টিভিটি অর্গানাইজেশন, শিল্প মন্ত্রণালয়, ঢাকা-১০০০।
সূত্র: আজকালের ১৬/০৯/২০২৫ইং পৃষ্ঠা-১০
